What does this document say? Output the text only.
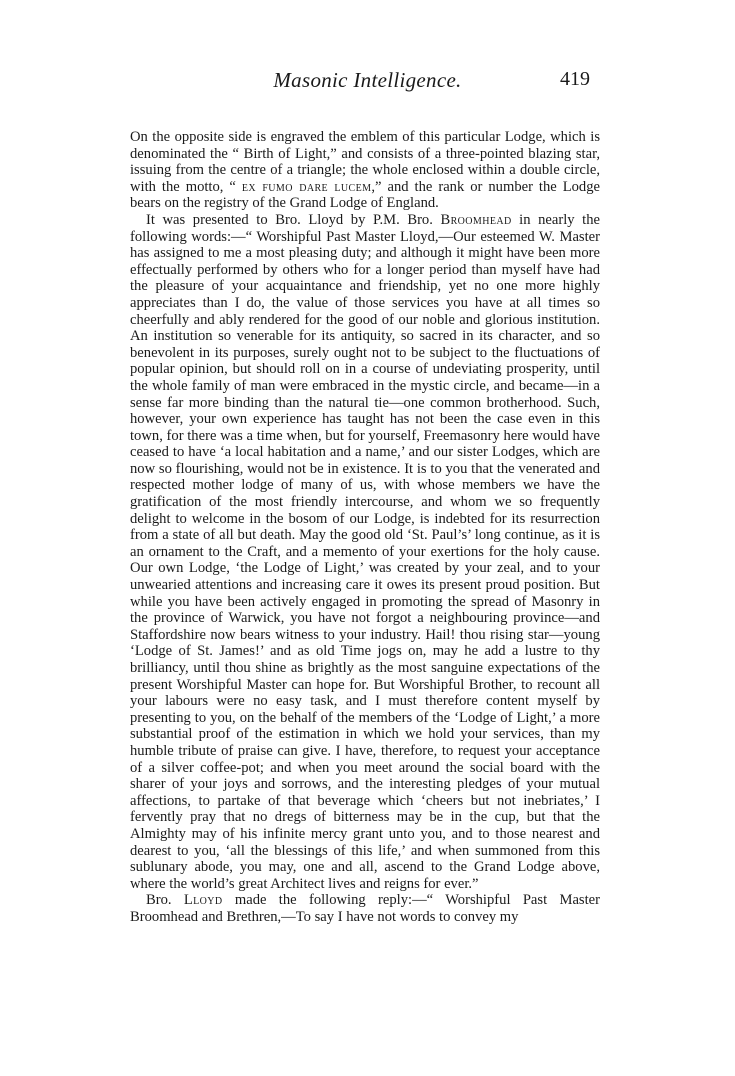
Masonic Intelligence.	419

On the opposite side is engraved the emblem of this particular Lodge, which is denominated the “ Birth of Light,” and consists of a three-pointed blazing star, issuing from the centre of a triangle; the whole enclosed within a double circle, with the motto, “ ex fumo dare lucem,” and the rank or number the Lodge bears on the registry of the Grand Lodge of England.

It was presented to Bro. Lloyd by P.M. Bro. Broomhead in nearly the following words:—“ Worshipful Past Master Lloyd,—Our esteemed W. Master has assigned to me a most pleasing duty; and although it might have been more effectually performed by others who for a longer period than myself have had the pleasure of your acquaintance and friendship, yet no one more highly appreciates than I do, the value of those services you have at all times so cheerfully and ably rendered for the good of our noble and glorious institution. An institution so venerable for its antiquity, so sacred in its character, and so benevolent in its purposes, surely ought not to be subject to the fluctuations of popular opinion, but should roll on in a course of undeviating prosperity, until the whole family of man were embraced in the mystic circle, and became—in a sense far more binding than the natural tie—one common brotherhood. Such, however, your own experience has taught has not been the case even in this town, for there was a time when, but for yourself, Freemasonry here would have ceased to have ‘a local habitation and a name,’ and our sister Lodges, which are now so flourishing, would not be in existence. It is to you that the venerated and respected mother lodge of many of us, with whose members we have the gratification of the most friendly intercourse, and whom we so frequently delight to welcome in the bosom of our Lodge, is indebted for its resurrection from a state of all but death. May the good old ‘St. Paul’s’ long continue, as it is an ornament to the Craft, and a memento of your exertions for the holy cause. Our own Lodge, ‘the Lodge of Light,’ was created by your zeal, and to your unwearied attentions and increasing care it owes its present proud position. But while you have been actively engaged in promoting the spread of Masonry in the province of Warwick, you have not forgot a neighbouring province—and Staffordshire now bears witness to your industry. Hail! thou rising star—young ‘Lodge of St. James!’ and as old Time jogs on, may he add a lustre to thy brilliancy, until thou shine as brightly as the most sanguine expectations of the present Worshipful Master can hope for. But Worshipful Brother, to recount all your labours were no easy task, and I must therefore content myself by presenting to you, on the behalf of the members of the ‘Lodge of Light,’ a more substantial proof of the estimation in which we hold your services, than my humble tribute of praise can give. I have, therefore, to request your acceptance of a silver coffee-pot; and when you meet around the social board with the sharer of your joys and sorrows, and the interesting pledges of your mutual affections, to partake of that beverage which ‘cheers but not inebriates,’ I fervently pray that no dregs of bitterness may be in the cup, but that the Almighty may of his infinite mercy grant unto you, and to those nearest and dearest to you, ‘all the blessings of this life,’ and when summoned from this sublunary abode, you may, one and all, ascend to the Grand Lodge above, where the world’s great Architect lives and reigns for ever.”

Bro. Lloyd made the following reply:—“ Worshipful Past Master Broomhead and Brethren,—To say I have not words to convey my
